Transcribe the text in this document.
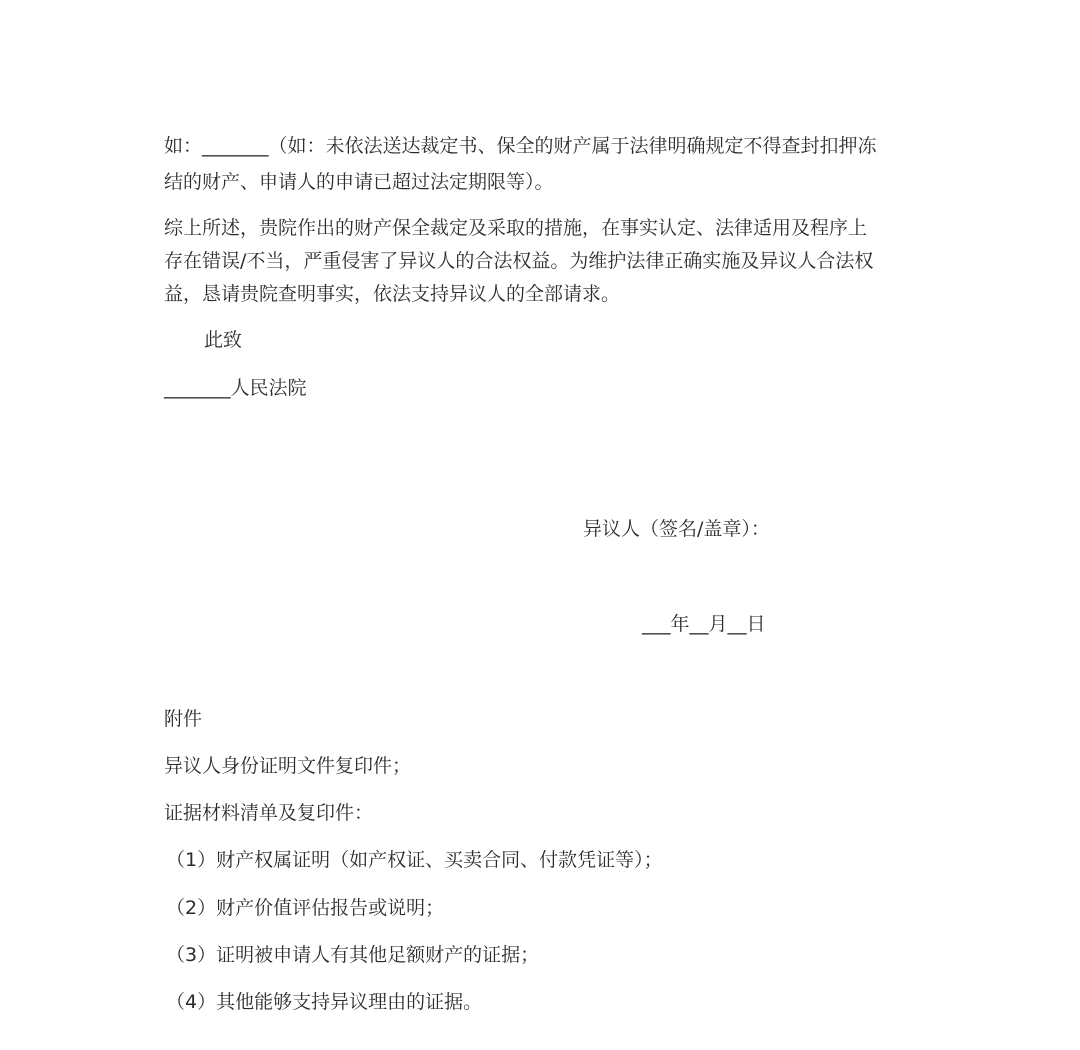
如：_______（如：未依法送达裁定书、保全的财产属于法律明确规定不得查封扣押冻
结的财产、申请人的申请已超过法定期限等）。
综上所述，贵院作出的财产保全裁定及采取的措施，在事实认定、法律适用及程序上
存在错误/不当，严重侵害了异议人的合法权益。为维护法律正确实施及异议人合法权
益，恳请贵院查明事实，依法支持异议人的全部请求。
此致
_______人民法院
异议人（签名/盖章）：
___年__月__日
附件
异议人身份证明文件复印件；
证据材料清单及复印件：
（1）财产权属证明（如产权证、买卖合同、付款凭证等）；
（2）财产价值评估报告或说明；
（3）证明被申请人有其他足额财产的证据；
（4）其他能够支持异议理由的证据。
